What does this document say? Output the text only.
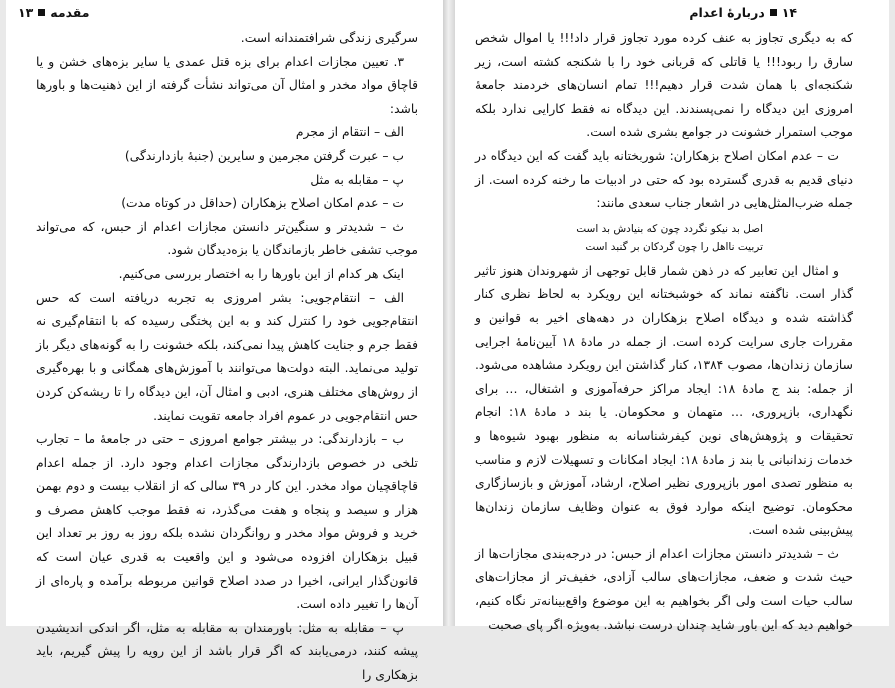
مقدمه
۱۳

سرگیری زندگی شرافتمندانه است.

۳. تعیین مجازات اعدام برای بزه قتل عمدی یا سایر بزه‌های خشن و یا قاچاق مواد مخدر و امثال آن می‌تواند نشأت گرفته از این ذهنیت‌ها و باورها باشد:

الف – انتقام از مجرم

ب – عبرت گرفتن مجرمین و سایرین (جنبهٔ بازدارندگی)

پ – مقابله به مثل

ت – عدم امکان اصلاح بزهکاران (حداقل در کوتاه مدت)

ث – شدیدتر و سنگین‌تر دانستن مجازات اعدام از حبس، که می‌تواند موجب تشفی خاطر بازماندگان یا بزه‌دیدگان شود.

اینک هر کدام از این باورها را به اختصار بررسی می‌کنیم.

الف – انتقام‌جویی: بشر امروزی به تجربه دریافته است که حس انتقام‌جویی خود را کنترل کند و به این پختگی رسیده که با انتقام‌گیری نه فقط جرم و جنایت کاهش پیدا نمی‌کند، بلکه خشونت را به گونه‌های دیگر باز تولید می‌نماید. البته دولت‌ها می‌توانند با آموزش‌های همگانی و با بهره‌گیری از روش‌های مختلف هنری، ادبی و امثال آن، این دیدگاه را تا ریشه‌کن کردن حس انتقام‌جویی در عموم افراد جامعه تقویت نمایند.

ب – بازدارندگی: در بیشتر جوامع امروزی – حتی در جامعهٔ ما – تجارب تلخی در خصوص بازدارندگی مجازات اعدام وجود دارد. از جمله اعدام قاچاقچیان مواد مخدر. این کار در ۳۹ سالی که از انقلاب بیست و دوم بهمن هزار و سیصد و پنجاه و هفت می‌گذرد، نه فقط موجب کاهش مصرف و خرید و فروش مواد مخدر و روانگردان نشده بلکه روز به روز بر تعداد این قبیل بزهکاران افزوده می‌شود و این واقعیت به قدری عیان است که قانون‌گذار ایرانی، اخیرا در صدد اصلاح قوانین مربوطه برآمده و پاره‌ای از آن‌ها را تغییر داده است.

پ – مقابله به مثل: باورمندان به مقابله به مثل، اگر اندکی اندیشیدن پیشه کنند، درمی‌یابند که اگر قرار باشد از این رویه را پیش گیریم، باید بزهکاری را

۱۴
دربارهٔ اعدام

که به دیگری تجاوز به عنف کرده مورد تجاوز قرار داد!!! یا اموال شخص سارق را ربود!!! یا قاتلی که قربانی خود را با شکنجه کشته است، زیر شکنجه‌ای با همان شدت قرار دهیم!!! تمام انسان‌های خردمند جامعهٔ امروزی این دیدگاه را نمی‌پسندند. این دیدگاه نه فقط کارایی ندارد بلکه موجب استمرار خشونت در جوامع بشری شده است.

ت – عدم امکان اصلاح بزهکاران: شوربختانه باید گفت که این دیدگاه در دنیای قدیم به قدری گسترده بود که حتی در ادبیات ما رخنه کرده است. از جمله ضرب‌المثل‌هایی در اشعار جناب سعدی مانند:

اصل بد نیکو نگردد چون که بنیادش بد است
تربیت نااهل را چون گردکان بر گنبد است

و امثال این تعابیر که در ذهن شمار قابل توجهی از شهروندان هنوز تاثیر گذار است. ناگفته نماند که خوشبختانه این رویکرد به لحاظ نظری کنار گذاشته شده و دیدگاه اصلاح بزهکاران در دهه‌های اخیر به قوانین و مقررات جاری سرایت کرده است. از جمله در مادهٔ ۱۸ آیین‌نامهٔ اجرایی سازمان زندان‌ها، مصوب ۱۳۸۴، کنار گذاشتن این رویکرد مشاهده می‌شود. از جمله: بند ج مادهٔ ۱۸: ایجاد مراکز حرفه‌آموزی و اشتغال، … برای نگهداری، بازپروری، … متهمان و محکومان. یا بند د مادهٔ ۱۸: انجام تحقیقات و پژوهش‌های نوین کیفرشناسانه به منظور بهبود شیوه‌ها و خدمات زندانبانی یا بند ز مادهٔ ۱۸: ایجاد امکانات و تسهیلات لازم و مناسب به منظور تصدی امور بازپروری نظیر اصلاح، ارشاد، آموزش و بازسازگاری محکومان. توضیح اینکه موارد فوق به عنوان وظایف سازمان زندان‌ها پیش‌بینی شده است.

ث – شدیدتر دانستن مجازات اعدام از حبس: در درجه‌بندی مجازات‌ها از حیث شدت و ضعف، مجازات‌های سالب آزادی، خفیف‌تر از مجازات‌های سالب حیات است ولی اگر بخواهیم به این موضوع واقع‌بینانه‌تر نگاه کنیم، خواهیم دید که این باور شاید چندان درست نباشد. به‌ویژه اگر پای صحبت
